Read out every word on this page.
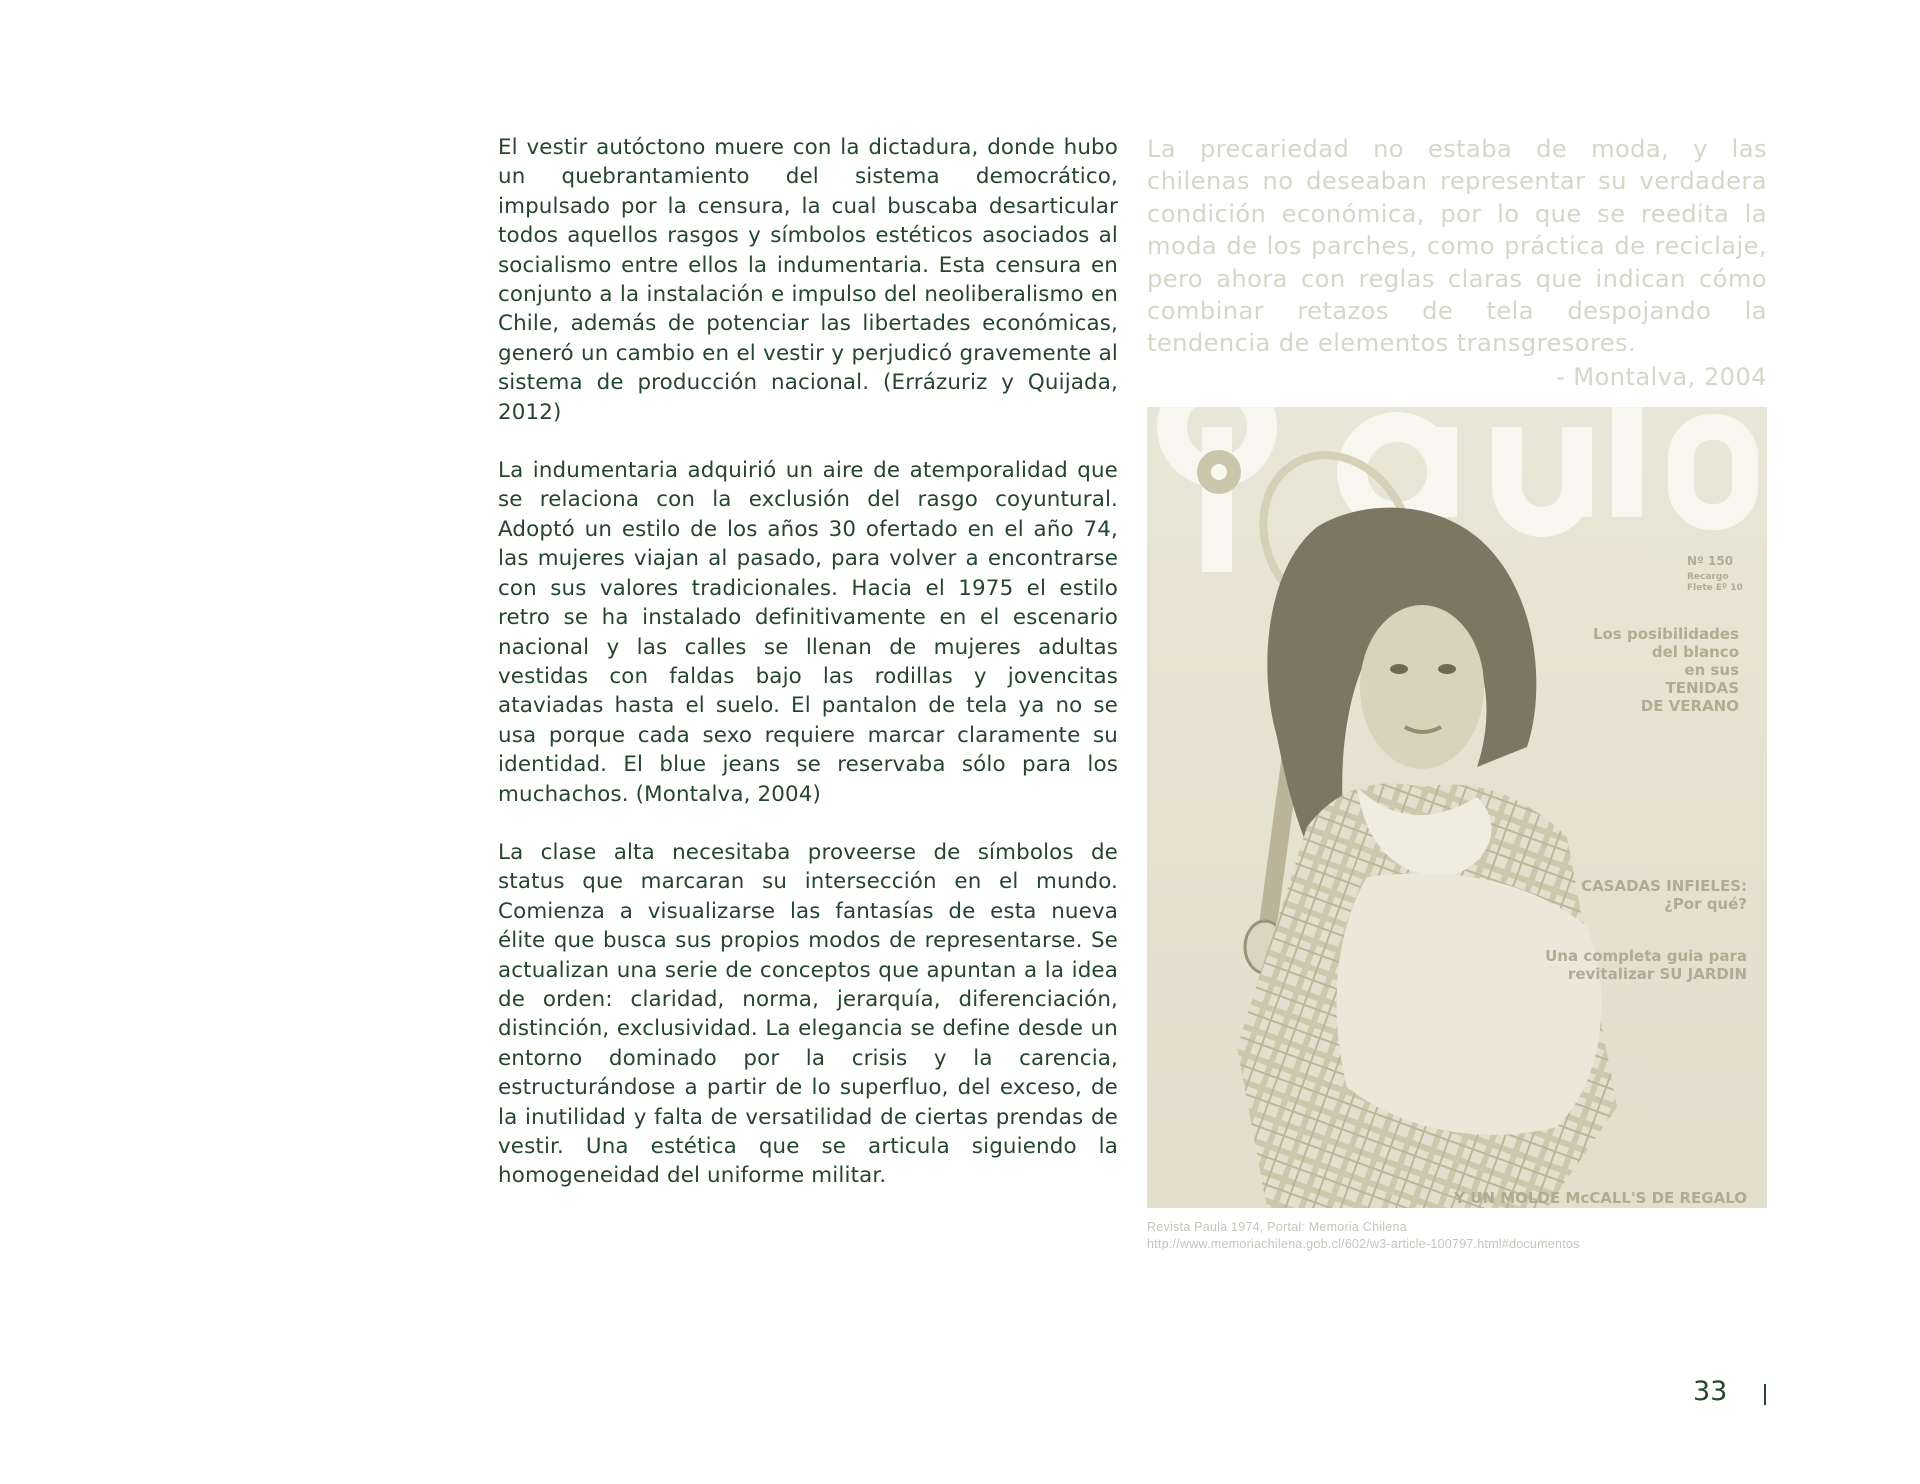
El vestir autóctono muere con la dictadura, donde hubo un quebrantamiento del sistema democrático, impulsado por la censura, la cual buscaba desarticular todos aquellos rasgos y símbolos estéticos asociados al socialismo entre ellos la indumentaria. Esta censura en conjunto a la instalación e impulso del neoliberalismo en Chile, además de potenciar las libertades económicas, generó un cambio en el vestir y perjudicó gravemente al sistema de producción nacional. (Errázuriz y Quijada, 2012)

La indumentaria adquirió un aire de atemporalidad que se relaciona con la exclusión del rasgo coyuntural. Adoptó un estilo de los años 30 ofertado en el año 74, las mujeres viajan al pasado, para volver a encontrarse con sus valores tradicionales. Hacia el 1975 el estilo retro se ha instalado definitivamente en el escenario nacional y las calles se llenan de mujeres adultas vestidas con faldas bajo las rodillas y jovencitas ataviadas hasta el suelo. El pantalon de tela ya no se usa porque cada sexo requiere marcar claramente su identidad. El blue jeans se reservaba sólo para los muchachos. (Montalva, 2004)

La clase alta necesitaba proveerse de símbolos de status que marcaran su intersección en el mundo. Comienza a visualizarse las fantasías de esta nueva élite que busca sus propios modos de representarse. Se actualizan una serie de conceptos que apuntan a la idea de orden: claridad, norma, jerarquía, diferenciación, distinción, exclusividad. La elegancia se define desde un entorno dominado por la crisis y la carencia, estructurándose a partir de lo superfluo, del exceso, de la inutilidad y falta de versatilidad de ciertas prendas de vestir. Una estética que se articula siguiendo la homogeneidad del uniforme militar.

La precariedad no estaba de moda, y las chilenas no deseaban representar su verdadera condición económica, por lo que se reedita la moda de los parches, como práctica de reciclaje, pero ahora con reglas claras que indican cómo combinar retazos de tela despojando la tendencia de elementos transgresores.

- Montalva, 2004

Nº 150
Recargo
Flete Eº 10
Los posibilidades
del blanco
en sus
TENIDAS
DE VERANO
CASADAS INFIELES:
¿Por qué?
Una completa guia para
revitalizar SU JARDIN
Y UN MOLDE McCALL'S DE REGALO
Revista Paula 1974, Portal: Memoria Chilena
http://www.memoriachilena.gob.cl/602/w3-article-100797.html#documentos
33
